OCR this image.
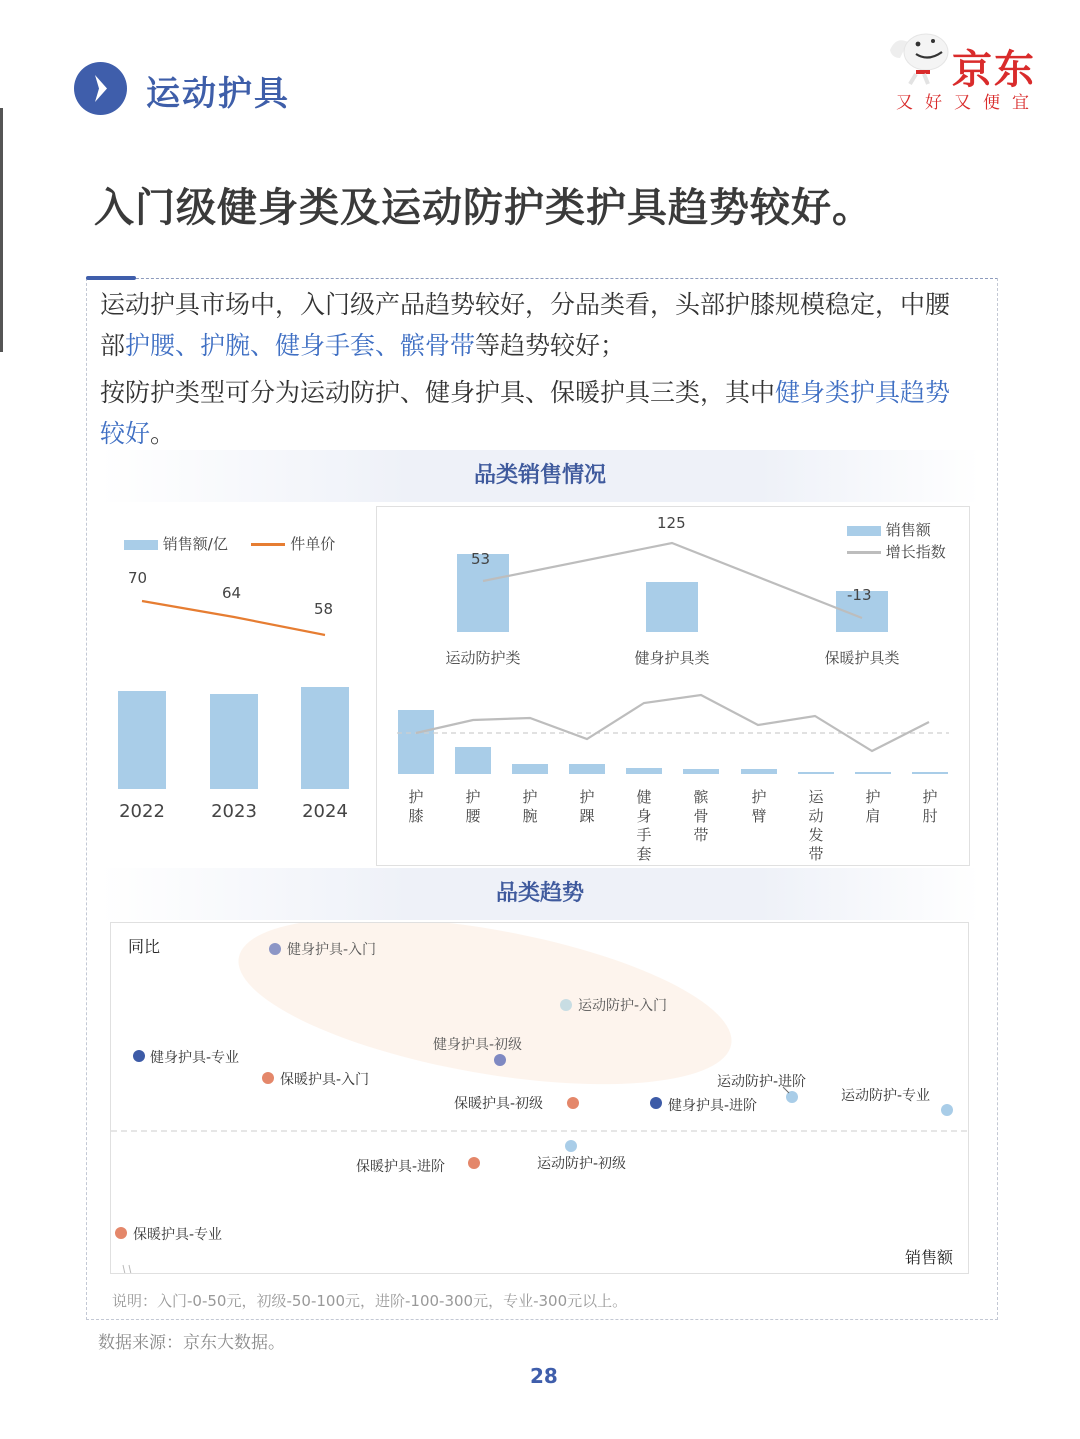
运动护具
京东
又好又便宜
入门级健身类及运动防护类护具趋势较好。

运动护具市场中，入门级产品趋势较好，分品类看，头部护膝规模稳定，中腰部护腰、护腕、健身手套、髌骨带等趋势较好；

按防护类型可分为运动防护、健身护具、保暖护具三类，其中健身类护具趋势较好。

品类销售情况
销售额/亿	件单价
70
64
58
2022	2023	2024
53
125
-13
销售额
增长指数
运动防护类	健身护具类	保暖护具类
护膝
护腰
护腕
护踝
健身手套
髌骨带
护臂
运动发带
护肩
护肘
品类趋势
同比
销售额
健身护具-入门
运动防护-入门
健身护具-初级
健身护具-专业
保暖护具-入门
保暖护具-初级	健身护具-进阶
运动防护-进阶
运动防护-专业
运动防护-初级
保暖护具-进阶
保暖护具-专业
说明：入门-0-50元，初级-50-100元，进阶-100-300元，专业-300元以上。
数据来源：京东大数据。
28
